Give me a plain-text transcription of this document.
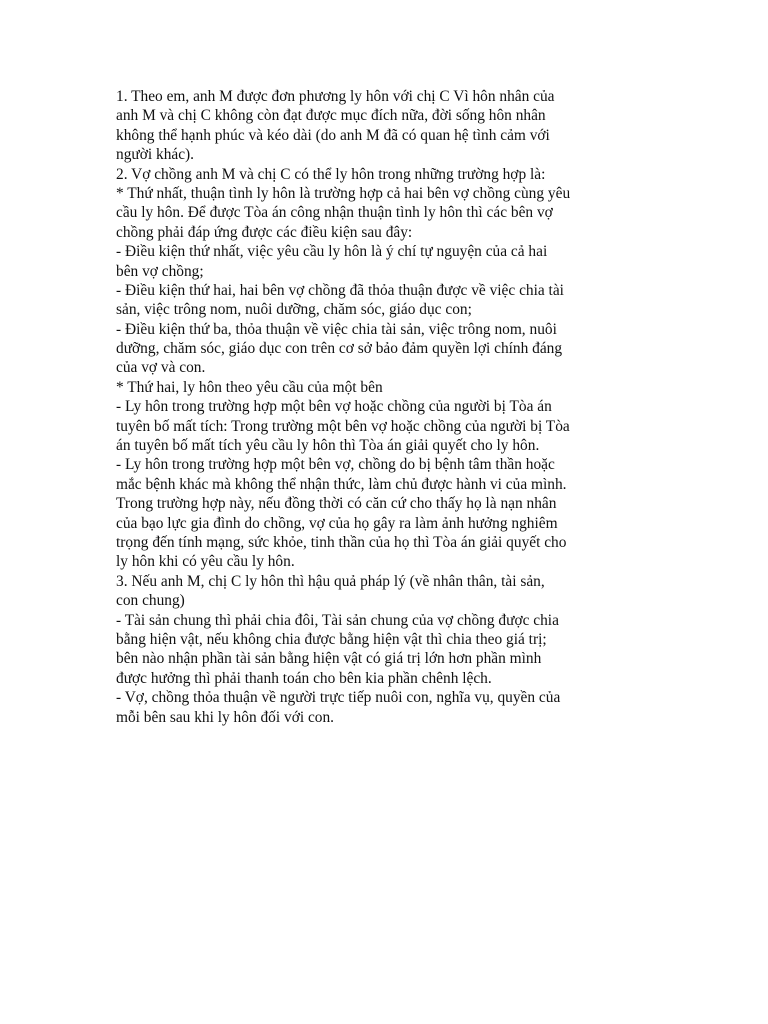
1. Theo em, anh M được đơn phương ly hôn với chị C Vì hôn nhân của
anh M và chị C không còn đạt được mục đích nữa, đời sống hôn nhân
không thể hạnh phúc và kéo dài (do anh M đã có quan hệ tình cảm với
người khác).
2. Vợ chồng anh M và chị C có thể ly hôn trong những trường hợp là:
* Thứ nhất, thuận tình ly hôn là trường hợp cả hai bên vợ chồng cùng yêu
cầu ly hôn. Để được Tòa án công nhận thuận tình ly hôn thì các bên vợ
chồng phải đáp ứng được các điều kiện sau đây:
- Điều kiện thứ nhất, việc yêu cầu ly hôn là ý chí tự nguyện của cả hai
bên vợ chồng;
- Điều kiện thứ hai, hai bên vợ chồng đã thỏa thuận được về việc chia tài
sản, việc trông nom, nuôi dưỡng, chăm sóc, giáo dục con;
- Điều kiện thứ ba, thỏa thuận về việc chia tài sản, việc trông nom, nuôi
dưỡng, chăm sóc, giáo dục con trên cơ sở bảo đảm quyền lợi chính đáng
của vợ và con.
* Thứ hai, ly hôn theo yêu cầu của một bên
- Ly hôn trong trường hợp một bên vợ hoặc chồng của người bị Tòa án
tuyên bố mất tích: Trong trường một bên vợ hoặc chồng của người bị Tòa
án tuyên bố mất tích yêu cầu ly hôn thì Tòa án giải quyết cho ly hôn.
- Ly hôn trong trường hợp một bên vợ, chồng do bị bệnh tâm thần hoặc
mắc bệnh khác mà không thể nhận thức, làm chủ được hành vi của mình.
Trong trường hợp này, nếu đồng thời có căn cứ cho thấy họ là nạn nhân
của bạo lực gia đình do chồng, vợ của họ gây ra làm ảnh hưởng nghiêm
trọng đến tính mạng, sức khỏe, tinh thần của họ thì Tòa án giải quyết cho
ly hôn khi có yêu cầu ly hôn.
3. Nếu anh M, chị C ly hôn thì hậu quả pháp lý (về nhân thân, tài sản,
con chung)
- Tài sản chung thì phải chia đôi, Tài sản chung của vợ chồng được chia
bằng hiện vật, nếu không chia được bằng hiện vật thì chia theo giá trị;
bên nào nhận phần tài sản bằng hiện vật có giá trị lớn hơn phần mình
được hưởng thì phải thanh toán cho bên kia phần chênh lệch.
- Vợ, chồng thỏa thuận về người trực tiếp nuôi con, nghĩa vụ, quyền của
mỗi bên sau khi ly hôn đối với con.
